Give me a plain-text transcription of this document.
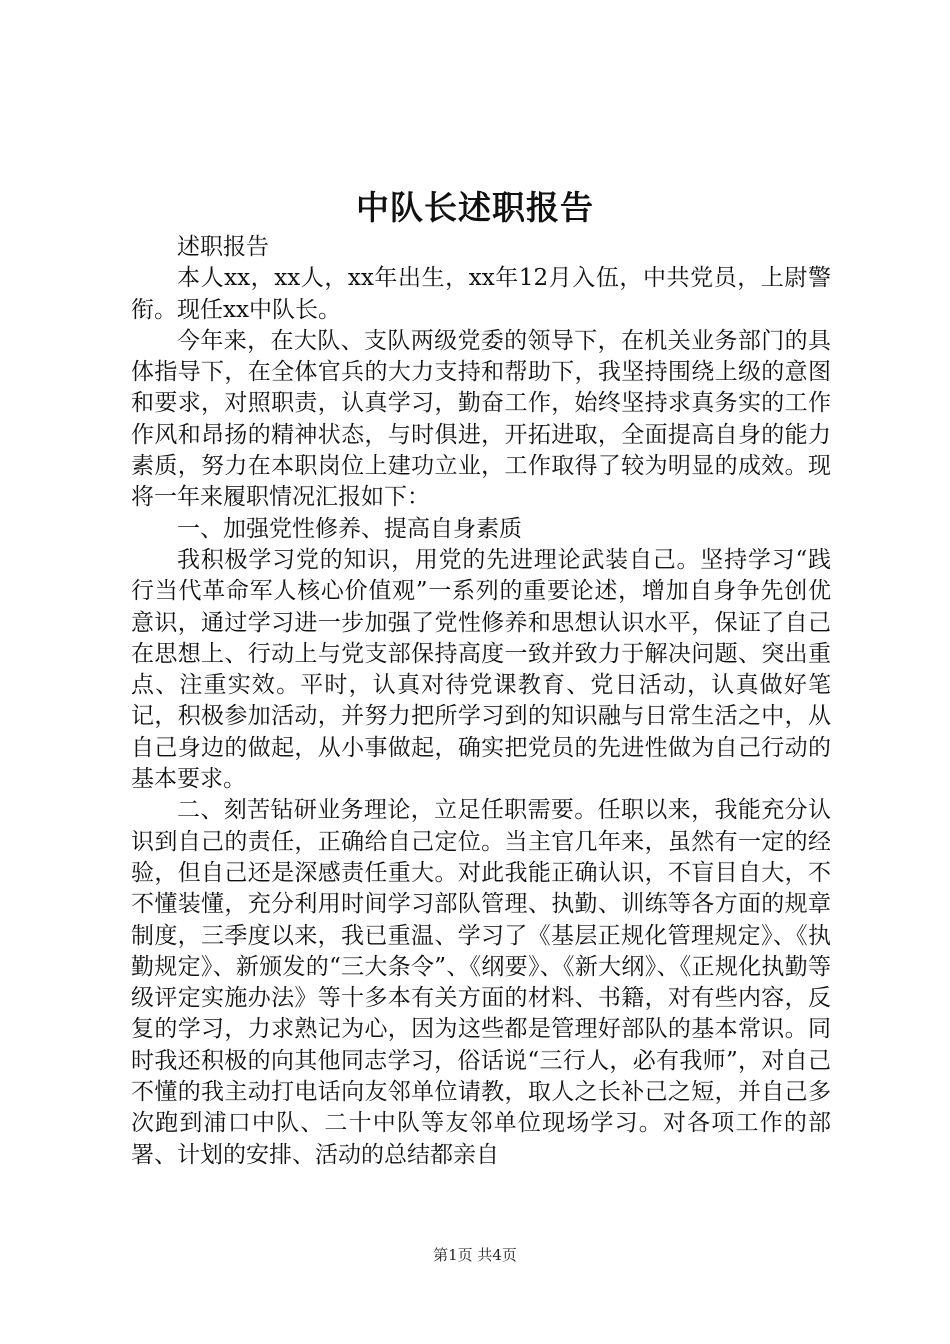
中队长述职报告

述职报告

本人xx，xx人，xx年出生，xx年12月入伍，中共党员，上尉警衔。现任xx中队长。

今年来，在大队、支队两级党委的领导下，在机关业务部门的具体指导下，在全体官兵的大力支持和帮助下，我坚持围绕上级的意图和要求，对照职责，认真学习，勤奋工作，始终坚持求真务实的工作作风和昂扬的精神状态，与时俱进，开拓进取，全面提高自身的能力素质，努力在本职岗位上建功立业，工作取得了较为明显的成效。现将一年来履职情况汇报如下：

一、加强党性修养、提高自身素质

我积极学习党的知识，用党的先进理论武装自己。坚持学习“践行当代革命军人核心价值观”一系列的重要论述，增加自身争先创优意识，通过学习进一步加强了党性修养和思想认识水平，保证了自己在思想上、行动上与党支部保持高度一致并致力于解决问题、突出重点、注重实效。平时，认真对待党课教育、党日活动，认真做好笔记，积极参加活动，并努力把所学习到的知识融与日常生活之中，从自己身边的做起，从小事做起，确实把党员的先进性做为自己行动的基本要求。

二、刻苦钻研业务理论，立足任职需要。任职以来，我能充分认识到自己的责任，正确给自己定位。当主官几年来，虽然有一定的经验，但自己还是深感责任重大。对此我能正确认识，不盲目自大，不不懂装懂，充分利用时间学习部队管理、执勤、训练等各方面的规章制度，三季度以来，我已重温、学习了《基层正规化管理规定》、《执勤规定》、新颁发的“三大条令”、《纲要》、《新大纲》、《正规化执勤等级评定实施办法》等十多本有关方面的材料、书籍，对有些内容，反复的学习，力求熟记为心，因为这些都是管理好部队的基本常识。同时我还积极的向其他同志学习，俗话说“三行人，必有我师”，对自己不懂的我主动打电话向友邻单位请教，取人之长补己之短，并自己多次跑到浦口中队、二十中队等友邻单位现场学习。对各项工作的部署、计划的安排、活动的总结都亲自

第1页 共4页
